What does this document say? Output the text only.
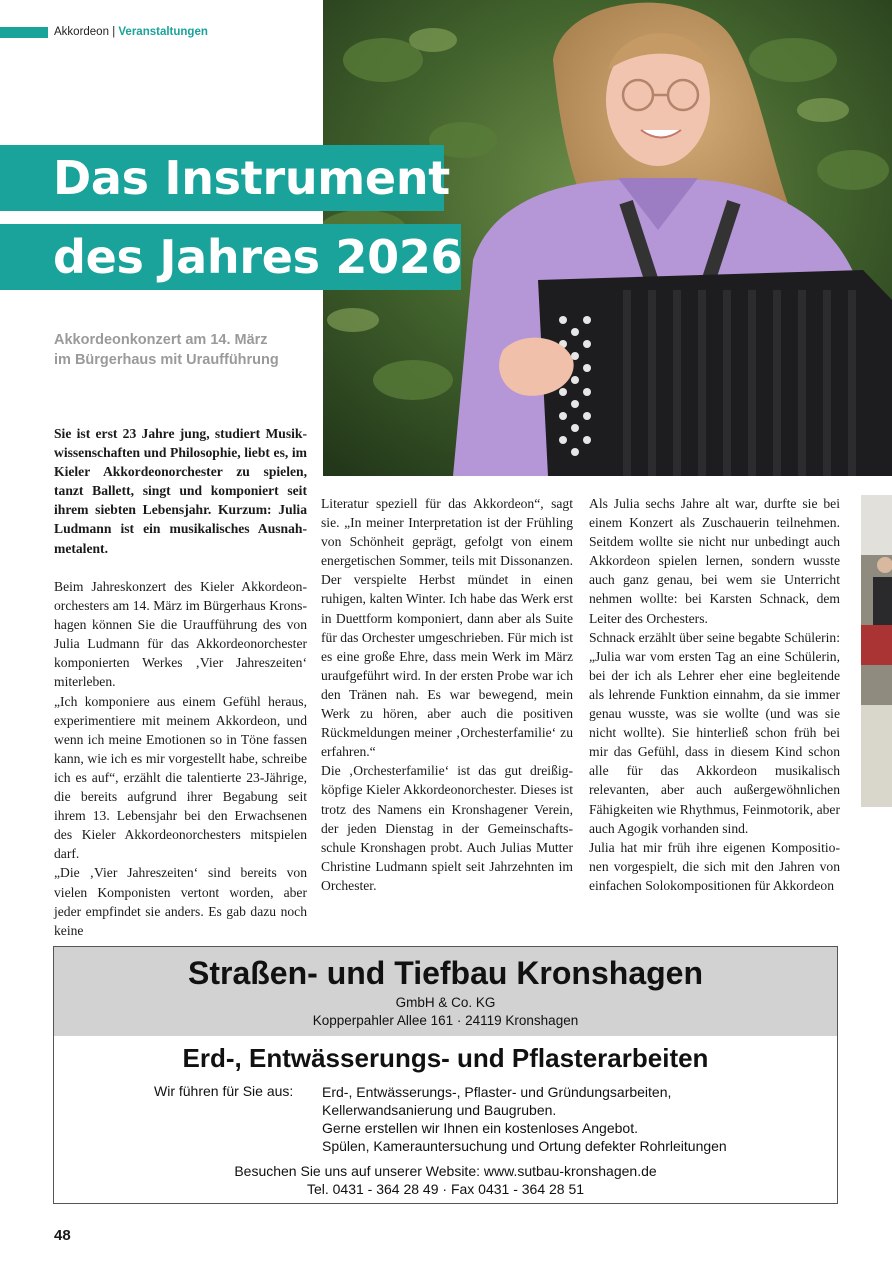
Akkordeon | Veranstaltungen
Das Instrument
des Jahres 2026
Akkordeonkonzert am 14. März
im Bürgerhaus mit Uraufführung
Sie ist erst 23 Jahre jung, studiert Musikwissenschaften und Philosophie, liebt es, im Kieler Akkordeonorchester zu spielen, tanzt Ballett, singt und komponiert seit ihrem siebten Lebensjahr. Kurzum: Julia Ludmann ist ein musikalisches Ausnahmetalent.

Beim Jahreskonzert des Kieler Akkordeonorchesters am 14. März im Bürgerhaus Kronshagen können Sie die Uraufführung des von Julia Ludmann für das Akkordeonorchester komponierten Werkes ‚Vier Jahreszeiten‘ miterleben.

„Ich komponiere aus einem Gefühl heraus, experimentiere mit meinem Akkordeon, und wenn ich meine Emotionen so in Töne fassen kann, wie ich es mir vorgestellt habe, schreibe ich es auf“, erzählt die talentierte 23-Jährige, die bereits aufgrund ihrer Begabung seit ihrem 13. Lebensjahr bei den Erwachsenen des Kieler Akkordeonorchesters mitspielen darf.

„Die ‚Vier Jahreszeiten‘ sind bereits von vielen Komponisten vertont worden, aber jeder empfindet sie anders. Es gab dazu noch keine

Literatur speziell für das Akkordeon“, sagt sie. „In meiner Interpretation ist der Frühling von Schönheit geprägt, gefolgt von einem energetischen Sommer, teils mit Dissonanzen. Der verspielte Herbst mündet in einen ruhigen, kalten Winter. Ich habe das Werk erst in Duettform komponiert, dann aber als Suite für das Orchester umgeschrieben. Für mich ist es eine große Ehre, dass mein Werk im März uraufgeführt wird. In der ersten Probe war ich den Tränen nah. Es war bewegend, mein Werk zu hören, aber auch die positiven Rückmeldungen meiner ‚Orchesterfamilie‘ zu erfahren.“

Die ‚Orchesterfamilie‘ ist das gut dreißigköpfige Kieler Akkordeonorchester. Dieses ist trotz des Namens ein Kronshagener Verein, der jeden Dienstag in der Gemeinschaftsschule Kronshagen probt. Auch Julias Mutter Christine Ludmann spielt seit Jahrzehnten im Orchester.

Als Julia sechs Jahre alt war, durfte sie bei einem Konzert als Zuschauerin teilnehmen. Seitdem wollte sie nicht nur unbedingt auch Akkordeon spielen lernen, sondern wusste auch ganz genau, bei wem sie Unterricht nehmen wollte: bei Karsten Schnack, dem Leiter des Orchesters.

Schnack erzählt über seine begabte Schülerin: „Julia war vom ersten Tag an eine Schülerin, bei der ich als Lehrer eher eine begleitende als lehrende Funktion einnahm, da sie immer genau wusste, was sie wollte (und was sie nicht wollte). Sie hinterließ schon früh bei mir das Gefühl, dass in diesem Kind schon alle für das Akkordeon musikalisch relevanten, aber auch außergewöhnlichen Fähigkeiten wie Rhythmus, Feinmotorik, aber auch Agogik vorhanden sind.

Julia hat mir früh ihre eigenen Kompositionen vorgespielt, die sich mit den Jahren von einfachen Solokompositionen für Akkordeon

Straßen- und Tiefbau Kronshagen
GmbH & Co. KG
Kopperpahler Allee 161 · 24119 Kronshagen
Erd-, Entwässerungs- und Pflasterarbeiten
Wir führen für Sie aus: Erd-, Entwässerungs-, Pflaster- und Gründungsarbeiten,
Kellerwandsanierung und Baugruben.
Gerne erstellen wir Ihnen ein kostenloses Angebot.
Spülen, Kamerauntersuchung und Ortung defekter Rohrleitungen
Besuchen Sie uns auf unserer Website: www.sutbau-kronshagen.de
Tel. 0431 - 364 28 49 · Fax 0431 - 364 28 51
48
